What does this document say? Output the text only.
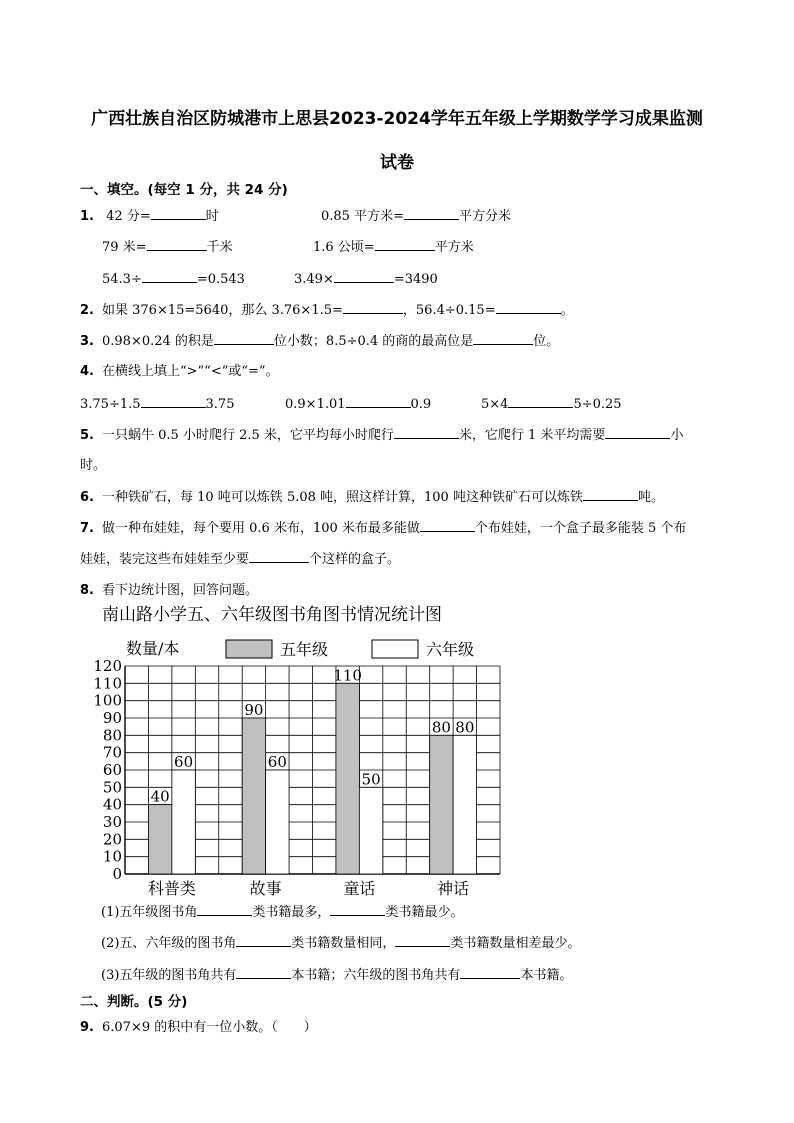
广西壮族自治区防城港市上思县2023-2024学年五年级上学期数学学习成果监测
试卷
一、填空。(每空 1 分，共 24 分)
1. 42 分=	时	0.85 平方米=	平方分米
79 米=	千米	1.6 公顷=	平方米
54.3÷	=0.543	3.49×	=3490
2. 如果 376×15=5640，那么 3.76×1.5=	，56.4÷0.15=	。
3. 0.98×0.24 的积是	位小数；8.5÷0.4 的商的最高位是	位。
4. 在横线上填上“>”“<”或“=”。
3.75÷1.5	3.75	0.9×1.01	0.9	5×4	5÷0.25
5. 一只蜗牛 0.5 小时爬行 2.5 米，它平均每小时爬行	米，它爬行 1 米平均需要	小
时。
6. 一种铁矿石，每 10 吨可以炼铁 5.08 吨，照这样计算，100 吨这种铁矿石可以炼铁	吨。
7. 做一种布娃娃，每个要用 0.6 米布，100 米布最多能做	个布娃娃，一个盒子最多能装 5 个布
娃娃，装完这些布娃娃至少要	个这样的盒子。
8. 看下边统计图，回答问题。
南山路小学五、六年级图书角图书情况统计图
数量/本	五年级	六年级
0
10
20
30
40
50
60
70
80
90
100
110
120
40
60
90
60
110
50
80 80
科普类	故事	童话	神话
(1)五年级图书角	类书籍最多，	类书籍最少。
(2)五、六年级的图书角	类书籍数量相同，	类书籍数量相差最少。
(3)五年级的图书角共有	本书籍；六年级的图书角共有	本书籍。
二、判断。(5 分)
9. 6.07×9 的积中有一位小数。（　　）
